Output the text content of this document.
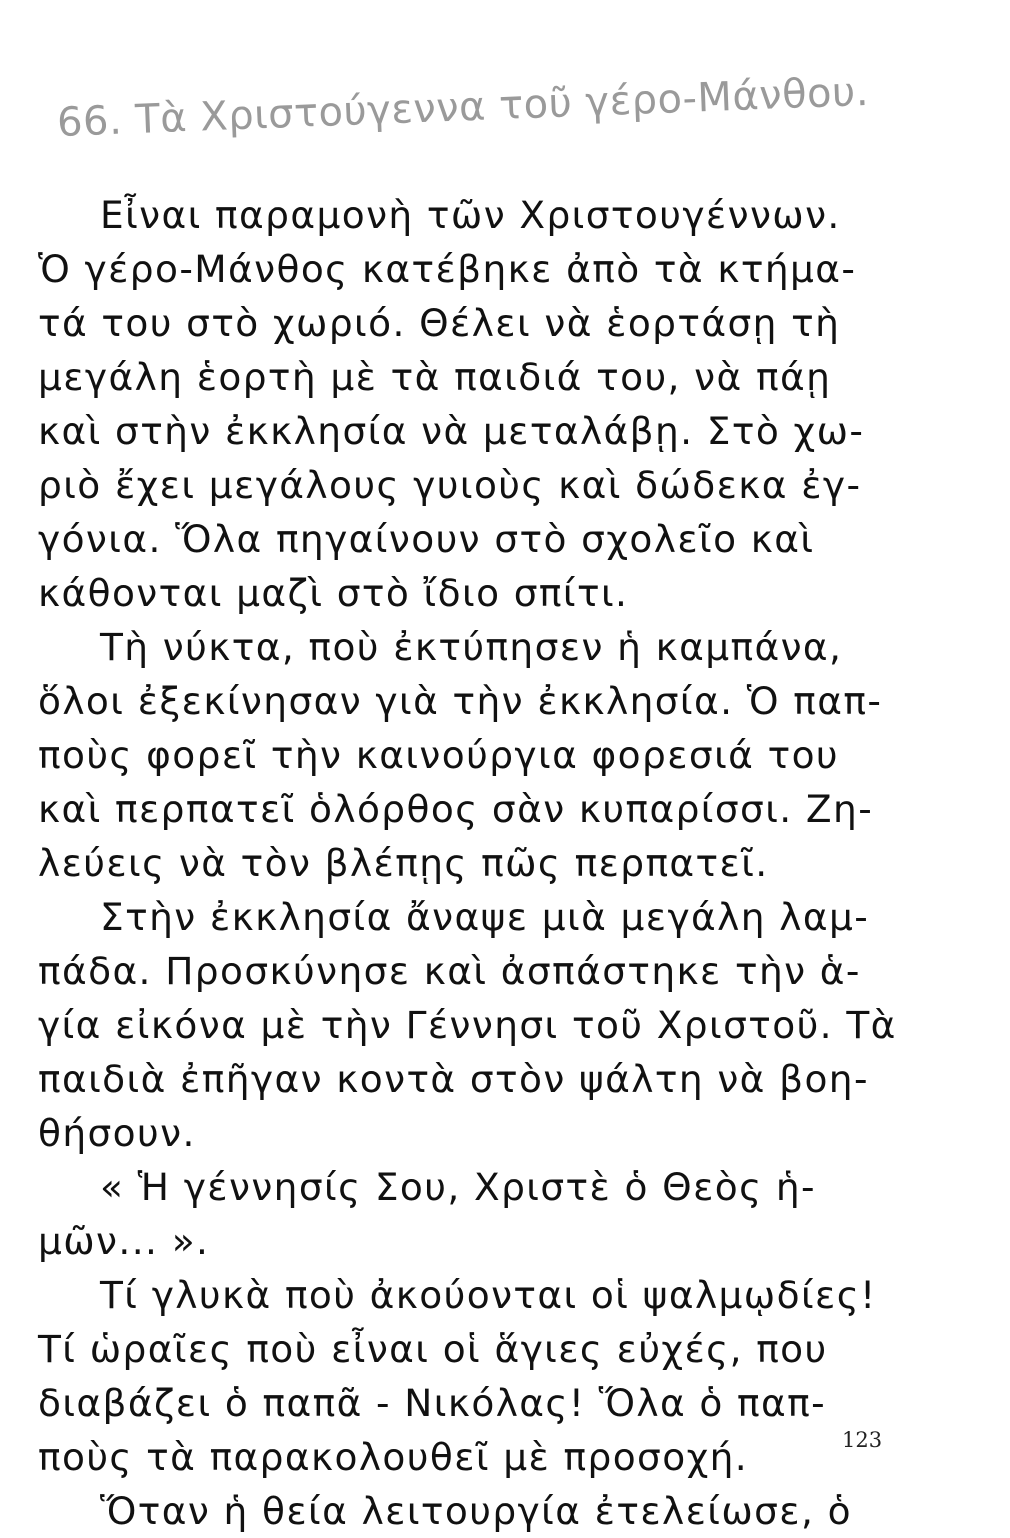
66. Τὰ Χριστούγεννα τοῦ γέρο-Μάνθου.
Εἶναι παραμονὴ τῶν Χριστουγέννων.
Ὁ γέρο-Μάνθος κατέβηκε ἀπὸ τὰ κτήμα-
τά του στὸ χωριό. Θέλει νὰ ἑορτάσῃ τὴ
μεγάλη ἑορτὴ μὲ τὰ παιδιά του, νὰ πάῃ
καὶ στὴν ἐκκλησία νὰ μεταλάβῃ. Στὸ χω-
ριὸ ἔχει μεγάλους γυιοὺς καὶ δώδεκα ἐγ-
γόνια. Ὅλα πηγαίνουν στὸ σχολεῖο καὶ
κάθονται μαζὶ στὸ ἴδιο σπίτι.
Τὴ νύκτα, ποὺ ἐκτύπησεν ἡ καμπάνα,
ὅλοι ἐξεκίνησαν γιὰ τὴν ἐκκλησία. Ὁ παπ-
ποὺς φορεῖ τὴν καινούργια φορεσιά του
καὶ περπατεῖ ὁλόρθος σὰν κυπαρίσσι. Ζη-
λεύεις νὰ τὸν βλέπῃς πῶς περπατεῖ.
Στὴν ἐκκλησία ἄναψε μιὰ μεγάλη λαμ-
πάδα. Προσκύνησε καὶ ἀσπάστηκε τὴν ἁ-
γία εἰκόνα μὲ τὴν Γέννησι τοῦ Χριστοῦ. Τὰ
παιδιὰ ἐπῆγαν κοντὰ στὸν ψάλτη νὰ βοη-
θήσουν.
« Ἡ γέννησίς Σου, Χριστὲ ὁ Θεὸς ἡ-
μῶν... ».
Τί γλυκὰ ποὺ ἀκούονται οἱ ψαλμῳδίες!
Τί ὡραῖες ποὺ εἶναι οἱ ἅγιες εὐχές, που
διαβάζει ὁ παπᾶ - Νικόλας! Ὅλα ὁ παπ-
ποὺς τὰ παρακολουθεῖ μὲ προσοχή.
Ὅταν ἡ θεία λειτουργία ἐτελείωσε, ὁ
123
